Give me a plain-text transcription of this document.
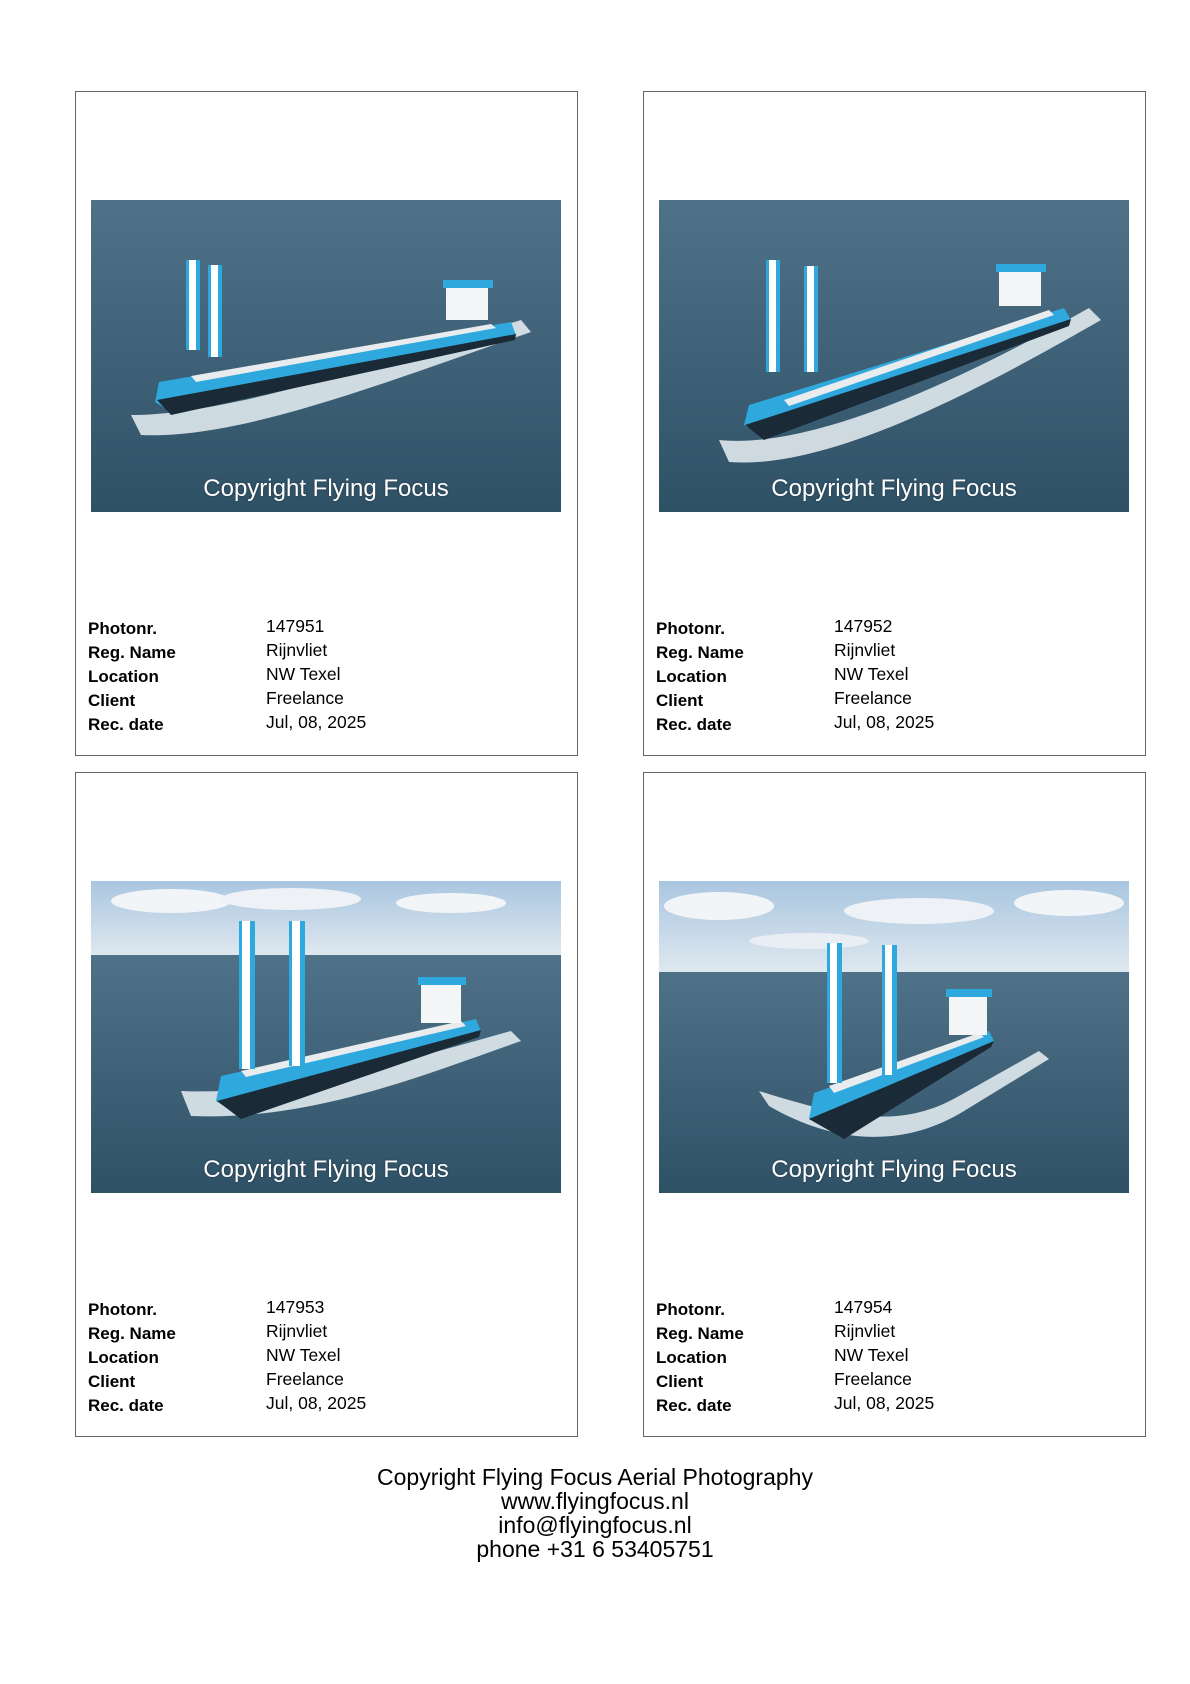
Copyright Flying Focus
Photonr.	147951
Reg. Name	Rijnvliet
Location	NW Texel
Client	Freelance
Rec. date	Jul, 08, 2025
Copyright Flying Focus
Photonr.	147952
Reg. Name	Rijnvliet
Location	NW Texel
Client	Freelance
Rec. date	Jul, 08, 2025
Copyright Flying Focus
Photonr.	147953
Reg. Name	Rijnvliet
Location	NW Texel
Client	Freelance
Rec. date	Jul, 08, 2025
Copyright Flying Focus
Photonr.	147954
Reg. Name	Rijnvliet
Location	NW Texel
Client	Freelance
Rec. date	Jul, 08, 2025
Copyright Flying Focus Aerial Photography
www.flyingfocus.nl
info@flyingfocus.nl
phone +31 6 53405751
